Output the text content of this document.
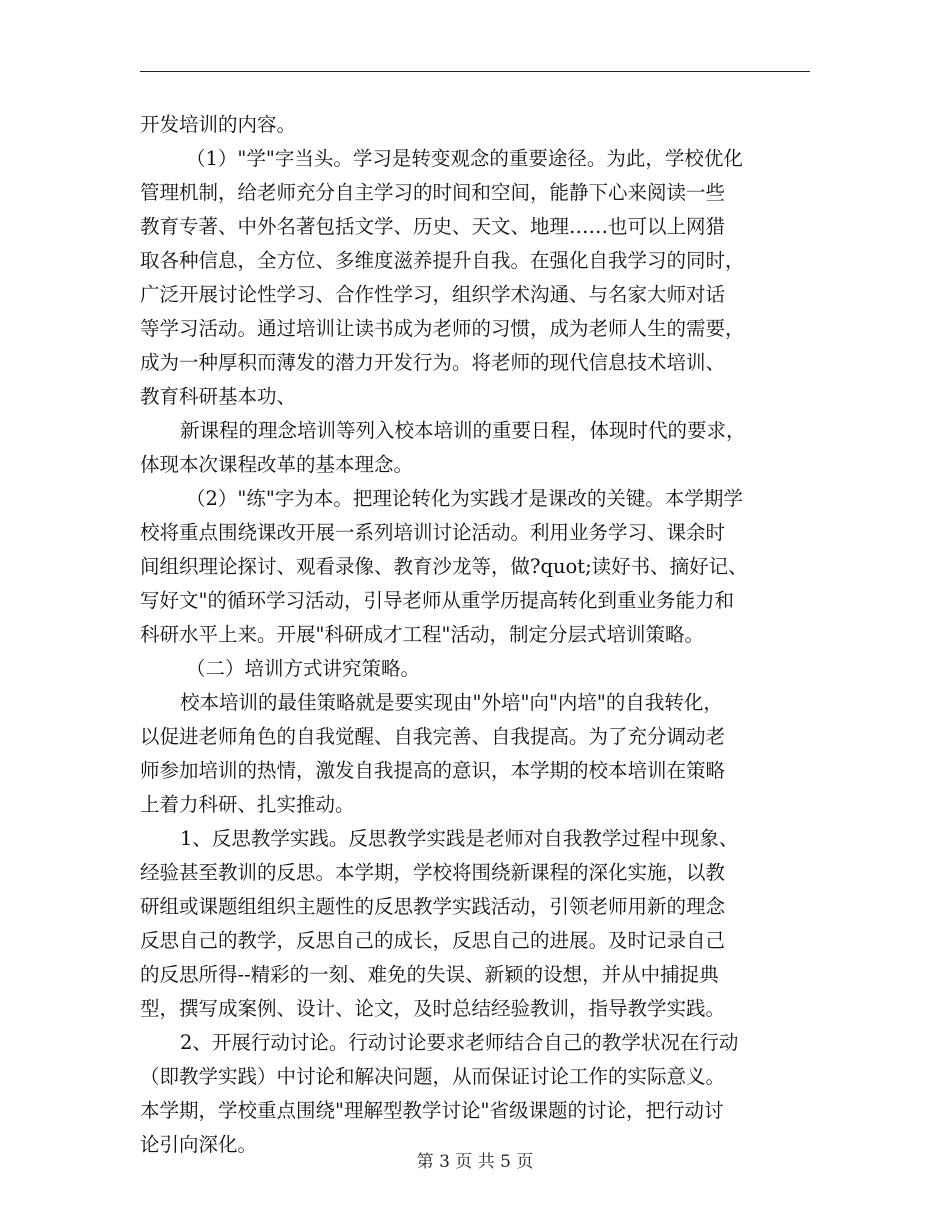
开发培训的内容。
（1）"学"字当头。学习是转变观念的重要途径。为此，学校优化
管理机制，给老师充分自主学习的时间和空间，能静下心来阅读一些
教育专著、中外名著包括文学、历史、天文、地理……也可以上网猎
取各种信息，全方位、多维度滋养提升自我。在强化自我学习的同时，
广泛开展讨论性学习、合作性学习，组织学术沟通、与名家大师对话
等学习活动。通过培训让读书成为老师的习惯，成为老师人生的需要，
成为一种厚积而薄发的潜力开发行为。将老师的现代信息技术培训、
教育科研基本功、
新课程的理念培训等列入校本培训的重要日程，体现时代的要求，
体现本次课程改革的基本理念。
（2）"练"字为本。把理论转化为实践才是课改的关键。本学期学
校将重点围绕课改开展一系列培训讨论活动。利用业务学习、课余时
间组织理论探讨、观看录像、教育沙龙等，做?quot;读好书、摘好记、
写好文"的循环学习活动，引导老师从重学历提高转化到重业务能力和
科研水平上来。开展"科研成才工程"活动，制定分层式培训策略。
（二）培训方式讲究策略。
校本培训的最佳策略就是要实现由"外培"向"内培"的自我转化，
以促进老师角色的自我觉醒、自我完善、自我提高。为了充分调动老
师参加培训的热情，激发自我提高的意识，本学期的校本培训在策略
上着力科研、扎实推动。
1、反思教学实践。反思教学实践是老师对自我教学过程中现象、
经验甚至教训的反思。本学期，学校将围绕新课程的深化实施，以教
研组或课题组组织主题性的反思教学实践活动，引领老师用新的理念
反思自己的教学，反思自己的成长，反思自己的进展。及时记录自己
的反思所得--精彩的一刻、难免的失误、新颖的设想，并从中捕捉典
型，撰写成案例、设计、论文，及时总结经验教训，指导教学实践。
2、开展行动讨论。行动讨论要求老师结合自己的教学状况在行动
（即教学实践）中讨论和解决问题，从而保证讨论工作的实际意义。
本学期，学校重点围绕"理解型教学讨论"省级课题的讨论，把行动讨
论引向深化。
第 3 页 共 5 页
